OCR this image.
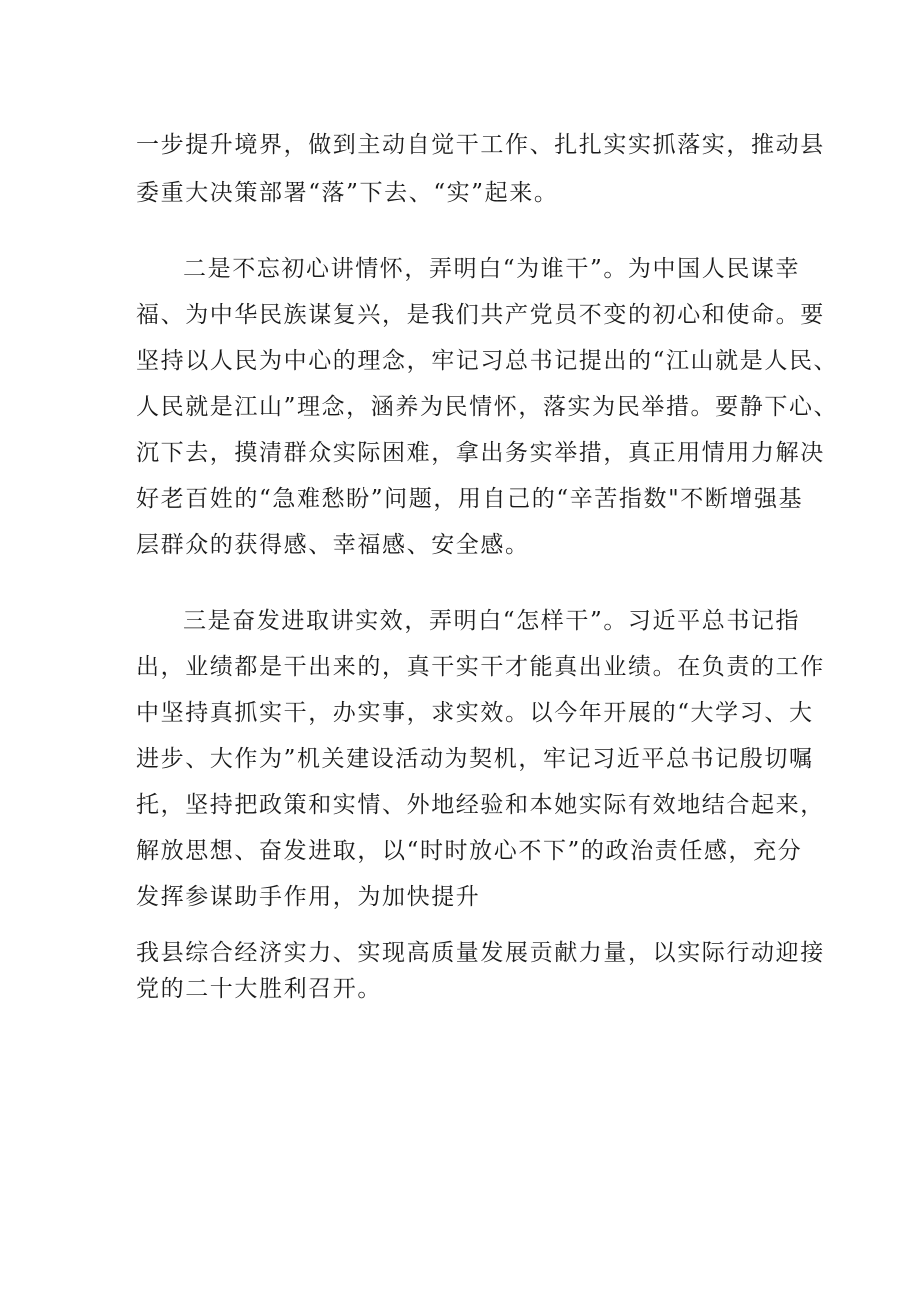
一步提升境界，做到主动自觉干工作、扎扎实实抓落实，推动县
委重大决策部署“落”下去、“实”起来。
二是不忘初心讲情怀，弄明白“为谁干”。为中国人民谋幸
福、为中华民族谋复兴，是我们共产党员不变的初心和使命。要
坚持以人民为中心的理念，牢记习总书记提出的“江山就是人民、
人民就是江山”理念，涵养为民情怀，落实为民举措。要静下心、
沉下去，摸清群众实际困难，拿出务实举措，真正用情用力解决
好老百姓的“急难愁盼”问题，用自己的“辛苦指数"不断增强基
层群众的获得感、幸福感、安全感。
三是奋发进取讲实效，弄明白“怎样干”。习近平总书记指
出，业绩都是干出来的，真干实干才能真出业绩。在负责的工作
中坚持真抓实干，办实事，求实效。以今年开展的“大学习、大
进步、大作为”机关建设活动为契机，牢记习近平总书记殷切嘱
托，坚持把政策和实情、外地经验和本她实际有效地结合起来，
解放思想、奋发进取，以“时时放心不下”的政治责任感，充分
发挥参谋助手作用，为加快提升
我县综合经济实力、实现高质量发展贡献力量，以实际行动迎接
党的二十大胜利召开。
